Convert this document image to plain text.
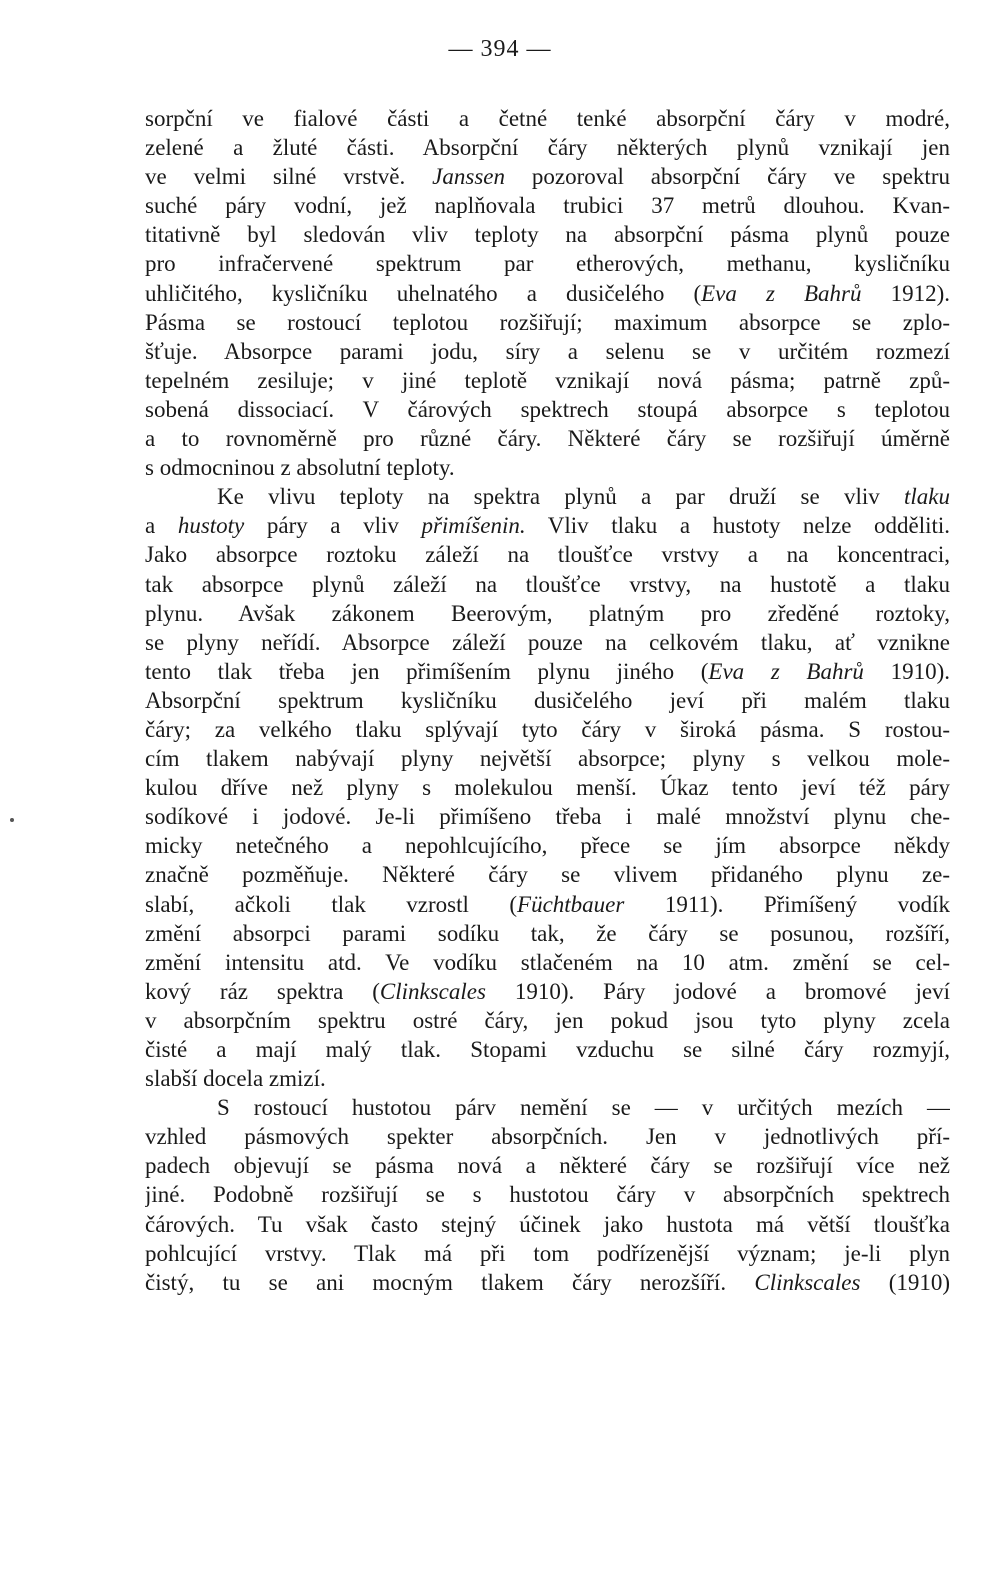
— 394 —
sorpční ve fialové části a četné tenké absorpční čáry v modré,
zelené a žluté části. Absorpční čáry některých plynů vznikají jen
ve velmi silné vrstvě. Janssen pozoroval absorpční čáry ve spektru
suché páry vodní, jež naplňovala trubici 37 metrů dlouhou. Kvan-
titativně byl sledován vliv teploty na absorpční pásma plynů pouze
pro infračervené spektrum par etherových, methanu, kysličníku
uhličitého, kysličníku uhelnatého a dusičelého (Eva z Bahrů 1912).
Pásma se rostoucí teplotou rozšiřují; maximum absorpce se zplo-
šťuje. Absorpce parami jodu, síry a selenu se v určitém rozmezí
tepelném zesiluje; v jiné teplotě vznikají nová pásma; patrně způ-
sobená dissociací. V čárových spektrech stoupá absorpce s teplotou
a to rovnoměrně pro různé čáry. Některé čáry se rozšiřují úměrně
s odmocninou z absolutní teploty.
Ke vlivu teploty na spektra plynů a par druží se vliv tlaku
a hustoty páry a vliv přimíšenin. Vliv tlaku a hustoty nelze odděliti.
Jako absorpce roztoku záleží na tloušťce vrstvy a na koncentraci,
tak absorpce plynů záleží na tloušťce vrstvy, na hustotě a tlaku
plynu. Avšak zákonem Beerovým, platným pro zředěné roztoky,
se plyny neřídí. Absorpce záleží pouze na celkovém tlaku, ať vznikne
tento tlak třeba jen přimíšením plynu jiného (Eva z Bahrů 1910).
Absorpční spektrum kysličníku dusičelého jeví při malém tlaku
čáry; za velkého tlaku splývají tyto čáry v široká pásma. S rostou-
cím tlakem nabývají plyny největší absorpce; plyny s velkou mole-
kulou dříve než plyny s molekulou menší. Úkaz tento jeví též páry
sodíkové i jodové. Je-li přimíšeno třeba i malé množství plynu che-
micky netečného a nepohlcujícího, přece se jím absorpce někdy
značně pozměňuje. Některé čáry se vlivem přidaného plynu ze-
slabí, ačkoli tlak vzrostl (Füchtbauer 1911). Přimíšený vodík
změní absorpci parami sodíku tak, že čáry se posunou, rozšíří,
změní intensitu atd. Ve vodíku stlačeném na 10 atm. změní se cel-
kový ráz spektra (Clinkscales 1910). Páry jodové a bromové jeví
v absorpčním spektru ostré čáry, jen pokud jsou tyto plyny zcela
čisté a mají malý tlak. Stopami vzduchu se silné čáry rozmyjí,
slabší docela zmizí.
S rostoucí hustotou párv nemění se — v určitých mezích —
vzhled pásmových spekter absorpčních. Jen v jednotlivých pří-
padech objevují se pásma nová a některé čáry se rozšiřují více než
jiné. Podobně rozšiřují se s hustotou čáry v absorpčních spektrech
čárových. Tu však často stejný účinek jako hustota má větší tloušťka
pohlcující vrstvy. Tlak má při tom podřízenější význam; je-li plyn
čistý, tu se ani mocným tlakem čáry nerozšíří. Clinkscales (1910)
